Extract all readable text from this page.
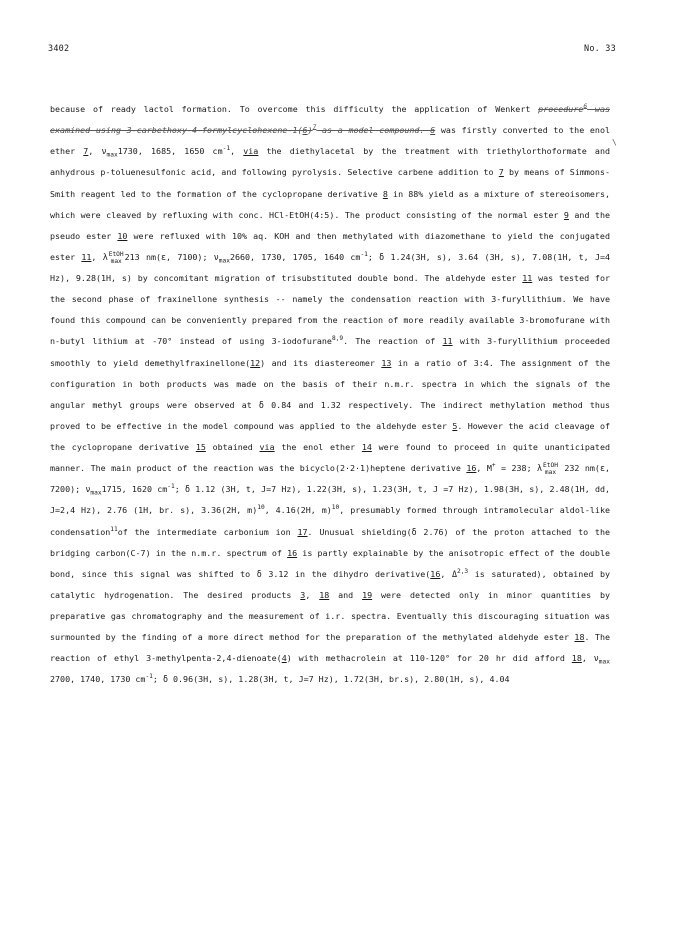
3402	No. 33
\

because of ready lactol formation. To overcome this difficulty the application of Wenkert procedure$^6$ was examined using $3-carbethoxy-4-formylcyclohexene-1(6)^7$ as a model compound. 6 was firstly converted to the enol ether 7, $\nu_{max}1730$, 1685, 1650 $cm^{-1}$, via the diethylacetal by the treatment with triethylorthoformate and anhydrous p-toluenesulfonic acid, and following pyrolysis. Selective carbene addition to 7 by means of Simmons-Smith reagent led to the formation of the cyclopropane derivative 8 in 88% yield as a mixture of stereoisomers, which were cleaved by refluxing with conc. HCl-EtOH(4:5). The product consisting of the normal ester 9 and the pseudo ester 10 were refluxed with 10% aq. KOH and then methylated with diazomethane to yield the conjugated ester 11, λ EtOH
max 213 nm(ε, 7100); $\nu_{max}2660$, 1730, 1705, 1640 $cm^{-1}$; δ 1.24(3H, s), 3.64 (3H, s), 7.08(1H, t, J=4 Hz), 9.28(1H, s) by concomitant migration of trisubstituted double bond. The aldehyde ester 11 was tested for the second phase of fraxinellone synthesis -- namely the condensation reaction with 3-furyllithium. We have found this compound can be conveniently prepared from the reaction of more readily available 3-bromofurane with n-butyl lithium at -70° instead of using 3-iodofurane$^{8,9}$. The reaction of 11 with 3-furyllithium proceeded smoothly to yield demethylfraxinellone(12) and its diastereomer 13 in a ratio of 3:4. The assignment of the configuration in both products was made on the basis of their n.m.r. spectra in which the signals of the angular methyl groups were observed at δ 0.84 and 1.32 respectively. The indirect methylation method thus proved to be effective in the model compound was applied to the aldehyde ester 5. However the acid cleavage of the cyclopropane derivative 15 obtained via the enol ether 14 were found to proceed in quite unanticipated manner. The main product of the reaction was the bicyclo(2·2·1)heptene derivative 16, M+ = 238; λ EtOH
max 232 nm(ε, 7200); $\nu_{max}1715$, 1620 $cm^{-1}$; δ 1.12 (3H, t, J=7 Hz), 1.22(3H, s), 1.23(3H, t, J =7 Hz), 1.98(3H, s), 2.48(1H, dd, J=2,4 Hz), 2.76 (1H, br. s), 3.36(2H, m)$^{10}$, 4.16(2H, m)$^{10}$, presumably formed through intramolecular aldol-like condensation$^{11}$of the intermediate carbonium ion 17. Unusual shielding(δ 2.76) of the proton attached to the bridging carbon(C-7) in the n.m.r. spectrum of 16 is partly explainable by the anisotropic effect of the double bond, since this signal was shifted to δ 3.12 in the dihydro derivative(16, Δ$^{2,3}$ is saturated), obtained by catalytic hydrogenation. The desired products 3, 18 and 19 were detected only in minor quantities by preparative gas chromatography and the measurement of i.r. spectra. Eventually this discouraging situation was surmounted by the finding of a more direct method for the preparation of the methylated aldehyde ester 18. The reaction of ethyl 3-methylpenta-2,4-dienoate(4) with methacrolein at 110-120° for 20 hr did afford 18, $\nu_{max}$ 2700, 1740, 1730 $cm^{-1}$; δ 0.96(3H, s), 1.28(3H, t, J=7 Hz), 1.72(3H, br.s), 2.80(1H, s), 4.04
